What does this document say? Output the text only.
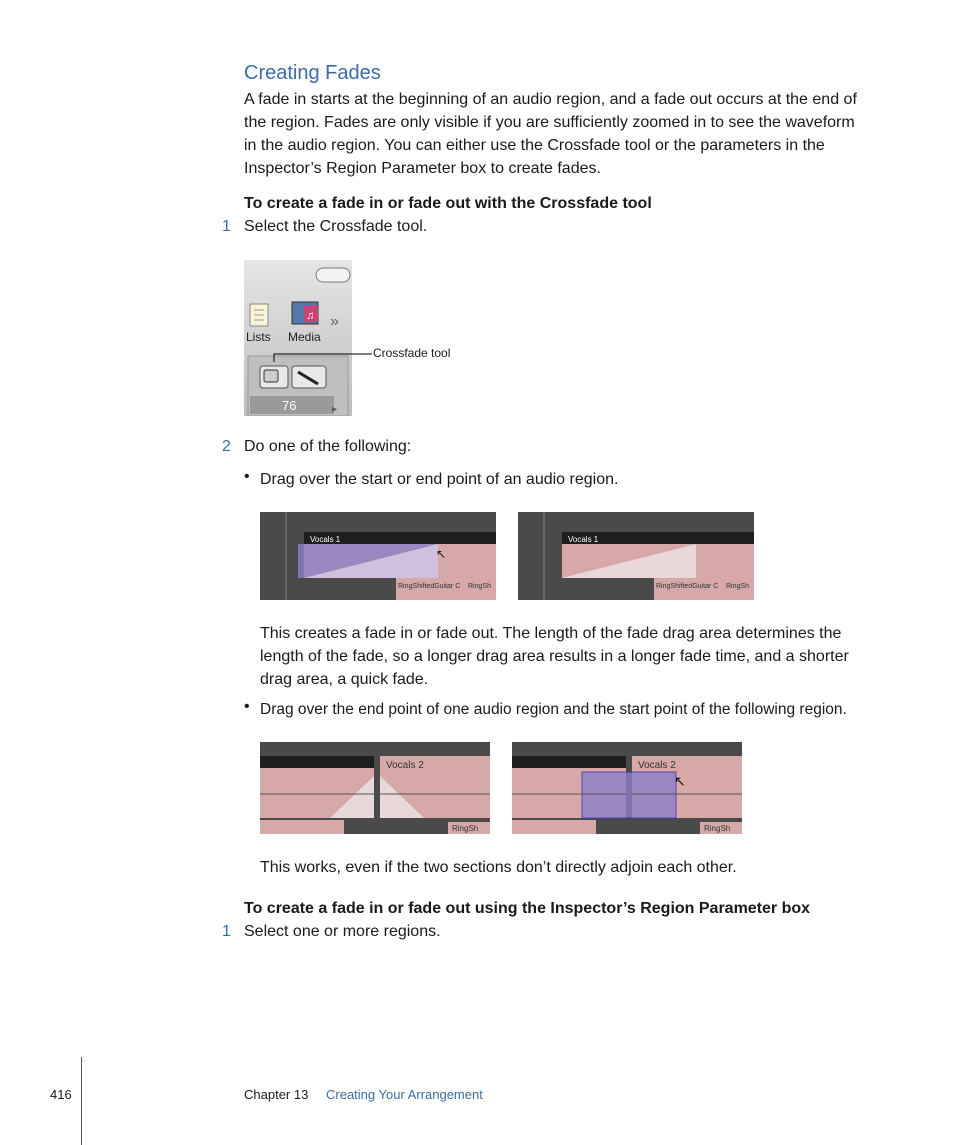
Creating Fades
A fade in starts at the beginning of an audio region, and a fade out occurs at the end of
the region. Fades are only visible if you are sufficiently zoomed in to see the waveform
in the audio region. You can either use the Crossfade tool or the parameters in the
Inspector’s Region Parameter box to create fades.
To create a fade in or fade out with the Crossfade tool
1 Select the Crossfade tool.
Lists
♫
Media
»
76	▸
Crossfade tool
2 Do one of the following:
• Drag over the start or end point of an audio region.
Vocals 1
RingShiftedGuitar C RingSh
↖
Vocals 1
RingShiftedGuitar C RingSh
This creates a fade in or fade out. The length of the fade drag area determines the
length of the fade, so a longer drag area results in a longer fade time, and a shorter
drag area, a quick fade.
• Drag over the end point of one audio region and the start point of the following region.
Vocals 2
RingSh
Vocals 2
↖
RingSh
This works, even if the two sections don’t directly adjoin each other.
To create a fade in or fade out using the Inspector’s Region Parameter box
1 Select one or more regions.
416	Chapter 13 Creating Your Arrangement
